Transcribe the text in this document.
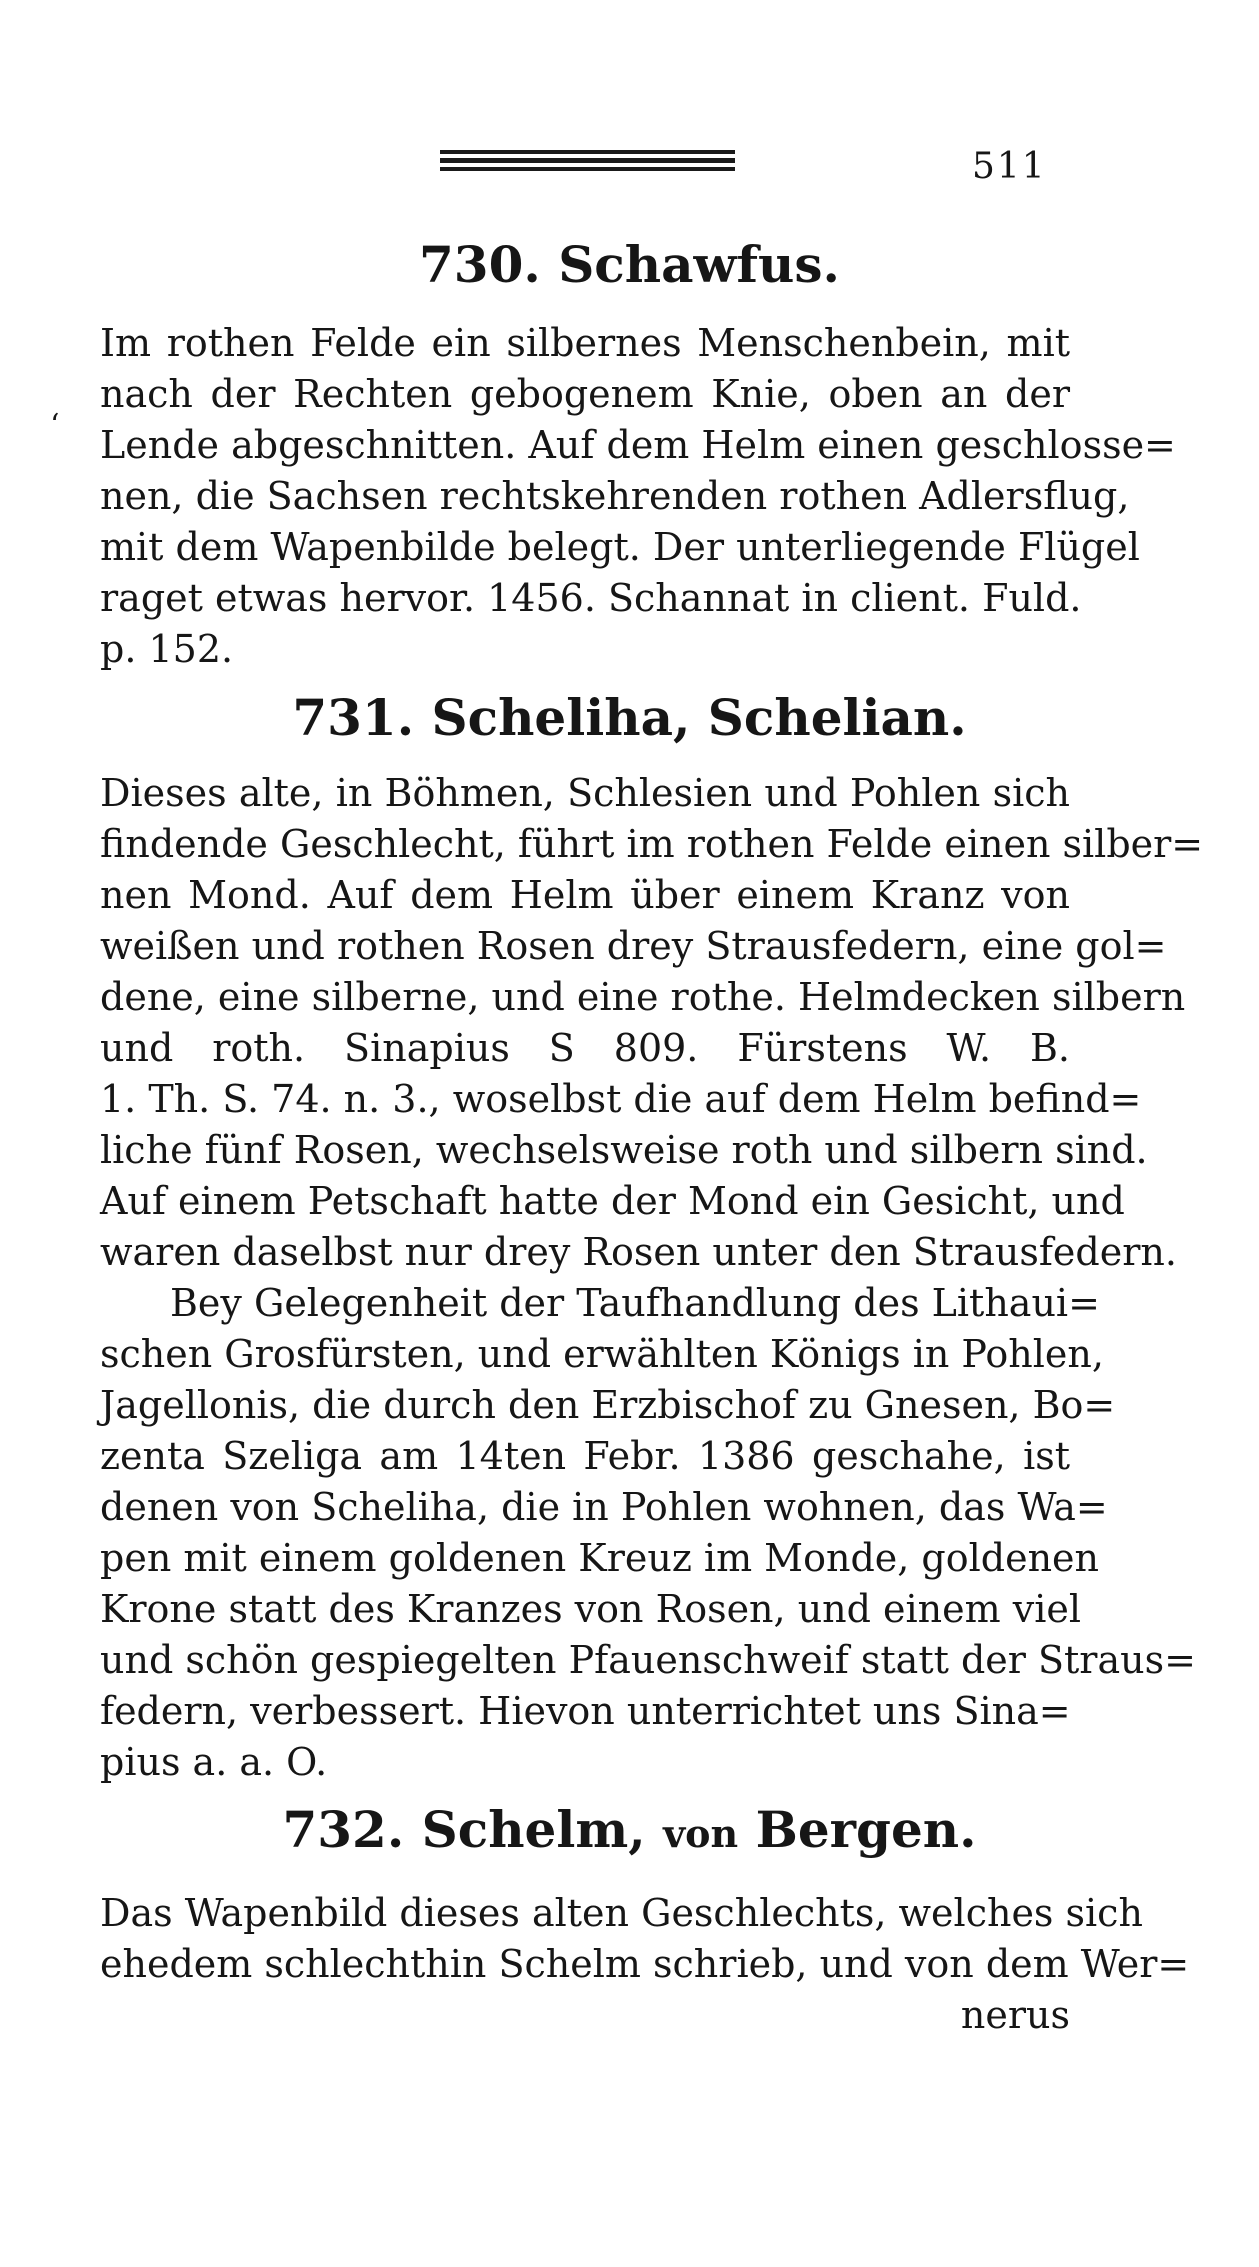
511
ʻ
730. Schawfus.
Im rothen Felde ein silbernes Menschenbein, mit
nach der Rechten gebogenem Knie, oben an der
Lende abgeschnitten. Auf dem Helm einen geschlosse=
nen, die Sachsen rechtskehrenden rothen Adlersflug,
mit dem Wapenbilde belegt. Der unterliegende Flügel
raget etwas hervor. 1456. Schannat in client. Fuld.
p. 152.
731. Scheliha, Schelian.
Dieses alte, in Böhmen, Schlesien und Pohlen sich
findende Geschlecht, führt im rothen Felde einen silber=
nen Mond. Auf dem Helm über einem Kranz von
weißen und rothen Rosen drey Strausfedern, eine gol=
dene, eine silberne, und eine rothe. Helmdecken silbern
und roth. Sinapius S 809. Fürstens W. B.
1. Th. S. 74. n. 3., woselbst die auf dem Helm befind=
liche fünf Rosen, wechselsweise roth und silbern sind.
Auf einem Petschaft hatte der Mond ein Gesicht, und
waren daselbst nur drey Rosen unter den Strausfedern.
Bey Gelegenheit der Taufhandlung des Lithaui=
schen Grosfürsten, und erwählten Königs in Pohlen,
Jagellonis, die durch den Erzbischof zu Gnesen, Bo=
zenta Szeliga am 14ten Febr. 1386 geschahe, ist
denen von Scheliha, die in Pohlen wohnen, das Wa=
pen mit einem goldenen Kreuz im Monde, goldenen
Krone statt des Kranzes von Rosen, und einem viel
und schön gespiegelten Pfauenschweif statt der Straus=
federn, verbessert. Hievon unterrichtet uns Sina=
pius a. a. O.
732. Schelm, von Bergen.
Das Wapenbild dieses alten Geschlechts, welches sich
ehedem schlechthin Schelm schrieb, und von dem Wer=
nerus
